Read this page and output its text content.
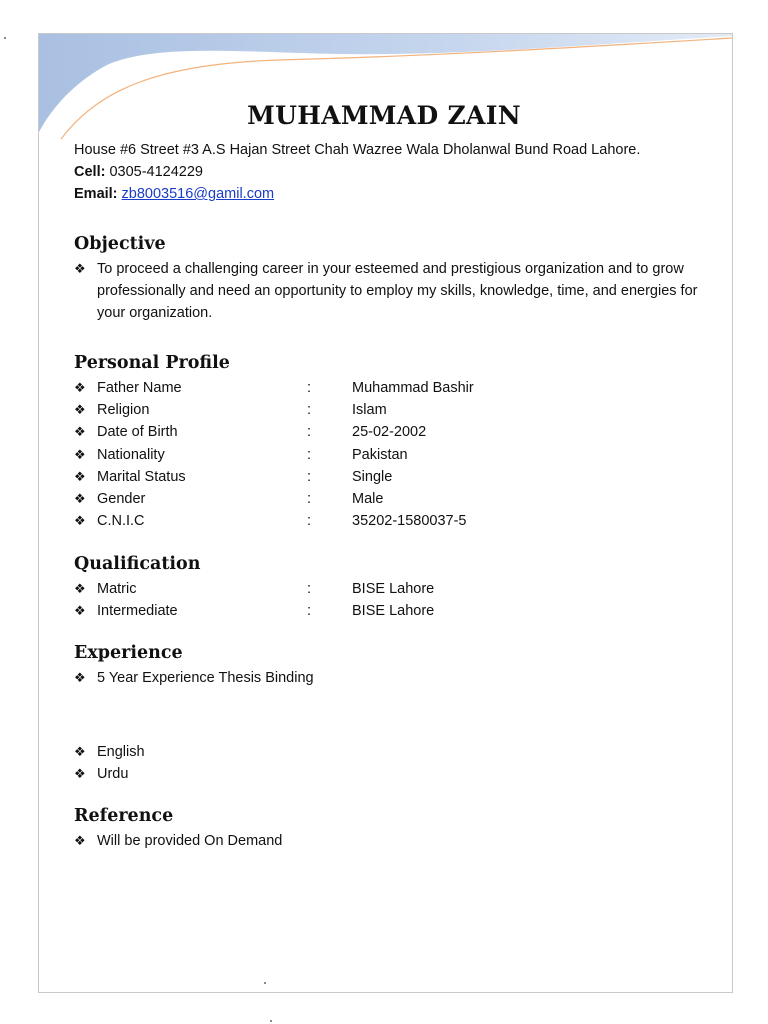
MUHAMMAD ZAIN
House #6 Street #3 A.S Hajan Street Chah Wazree Wala Dholanwal Bund Road Lahore.
Cell: 0305-4124229
Email: zb8003516@gamil.com
Objective
❖ To proceed a challenging career in your esteemed and prestigious organization and to grow professionally and need an opportunity to employ my skills, knowledge, time, and energies for your organization.
Personal Profile
❖ Father Name	:	Muhammad Bashir
❖ Religion	:	Islam
❖ Date of Birth	:	25-02-2002
❖ Nationality	:	Pakistan
❖ Marital Status	:	Single
❖ Gender	:	Male
❖ C.N.I.C	:	35202-1580037-5
Qualification
❖ Matric	:	BISE Lahore
❖ Intermediate	:	BISE Lahore
Experience
❖ 5 Year Experience Thesis Binding
❖ English
❖ Urdu
Reference
❖ Will be provided On Demand
